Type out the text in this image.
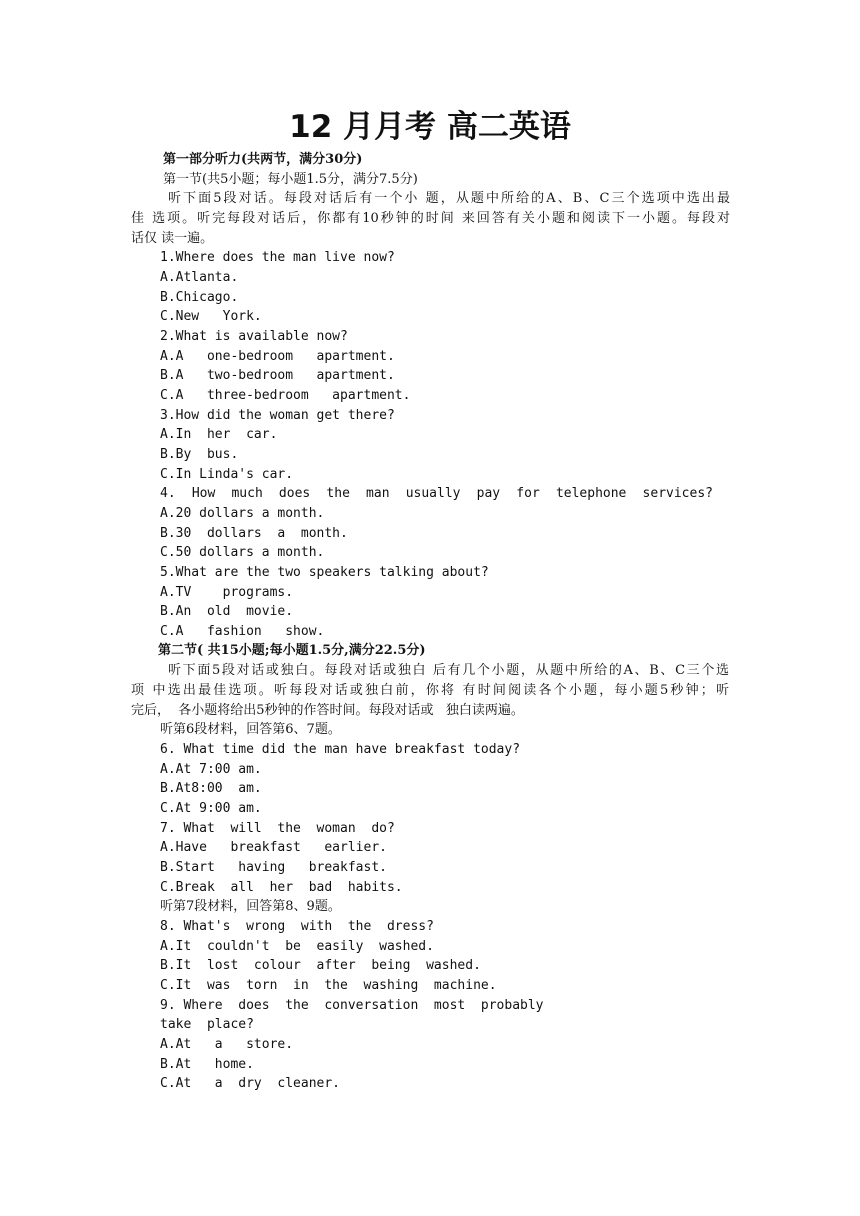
12 月月考 高二英语
第一部分听力(共两节，满分30分)
第一节(共5小题；每小题1.5分，满分7.5分)
听下面5段对话。每段对话后有一个小 题，从题中所给的A、B、C三个选项中选出最
佳 选项。听完每段对话后，你都有10秒钟的时间 来回答有关小题和阅读下一小题。每段对
话仅 读一遍。
1.Where does the man live now?
A.Atlanta.
B.Chicago.
C.New   York.
2.What is available now?
A.A   one-bedroom   apartment.
B.A   two-bedroom   apartment.
C.A   three-bedroom   apartment.
3.How did the woman get there?
A.In  her  car.
B.By  bus.
C.In Linda's car.
4. How much does the man usually pay for telephone services?
A.20 dollars a month.
B.30  dollars  a  month.
C.50 dollars a month.
5.What are the two speakers talking about?
A.TV    programs.
B.An  old  movie.
C.A   fashion   show.
第二节( 共15小题;每小题1.5分,满分22.5分)
听下面5段对话或独白。每段对话或独白 后有几个小题，从题中所给的A、B、C三个选
项 中选出最佳选项。听每段对话或独白前，你将 有时间阅读各个小题，每小题5秒钟；听
完后，  各小题将给出5秒钟的作答时间。每段对话或   独白读两遍。
听第6段材料，回答第6、7题。
6. What time did the man have breakfast today?
A.At 7:00 am.
B.At8:00  am.
C.At 9:00 am.
7. What  will  the  woman  do?
A.Have   breakfast   earlier.
B.Start   having   breakfast.
C.Break  all  her  bad  habits.
听第7段材料，回答第8、9题。
8. What's  wrong  with  the  dress?
A.It  couldn't  be  easily  washed.
B.It  lost  colour  after  being  washed.
C.It  was  torn  in  the  washing  machine.
9. Where  does  the  conversation  most  probably
take  place?
A.At   a   store.
B.At   home.
C.At   a  dry  cleaner.
